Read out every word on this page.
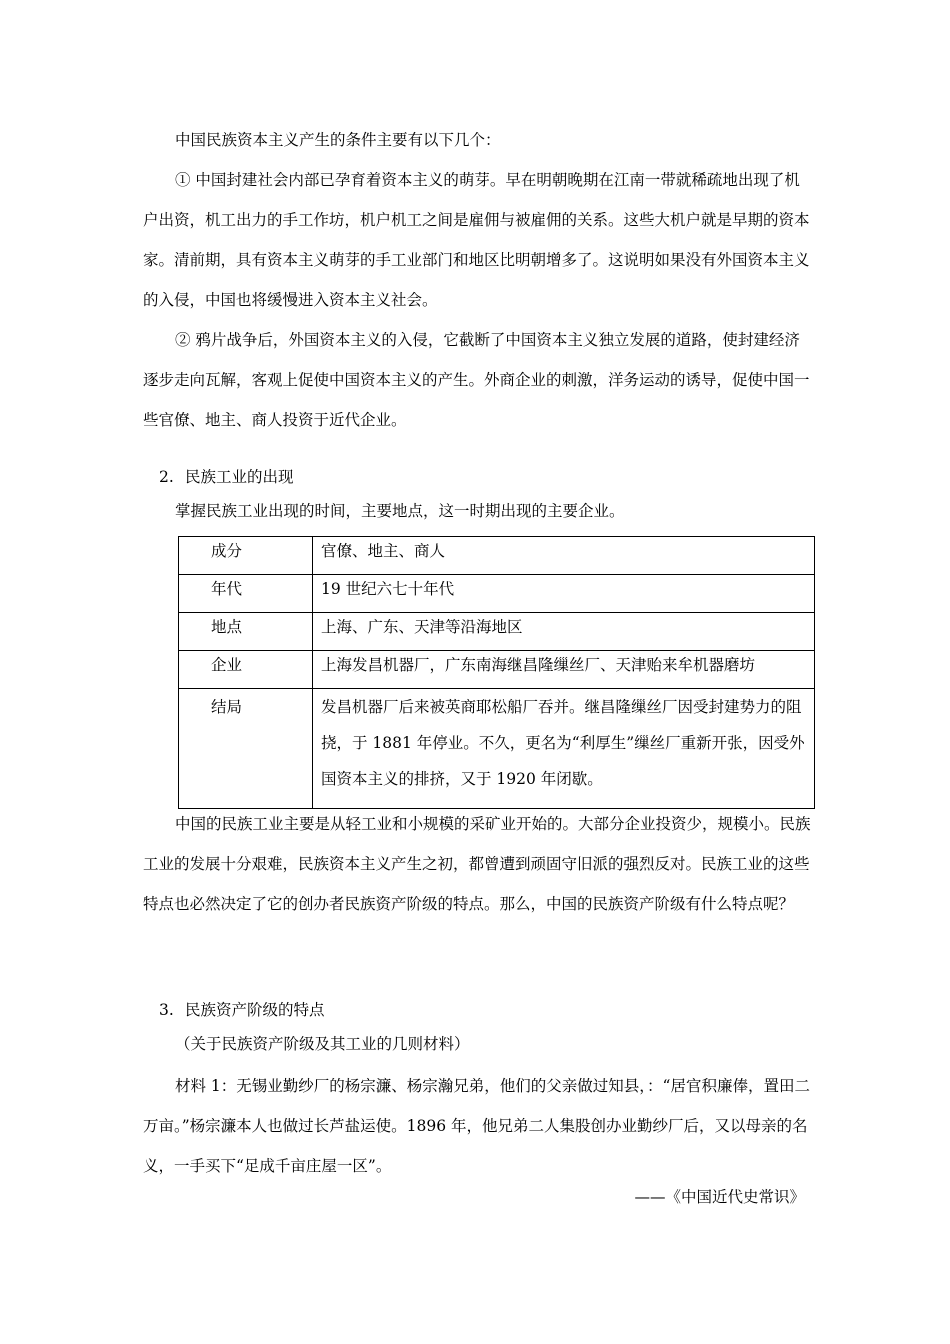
中国民族资本主义产生的条件主要有以下几个：

① 中国封建社会内部已孕育着资本主义的萌芽。早在明朝晚期在江南一带就稀疏地出现了机户出资，机工出力的手工作坊，机户机工之间是雇佣与被雇佣的关系。这些大机户就是早期的资本家。清前期，具有资本主义萌芽的手工业部门和地区比明朝增多了。这说明如果没有外国资本主义的入侵，中国也将缓慢进入资本主义社会。

② 鸦片战争后，外国资本主义的入侵，它截断了中国资本主义独立发展的道路，使封建经济逐步走向瓦解，客观上促使中国资本主义的产生。外商企业的刺激，洋务运动的诱导，促使中国一些官僚、地主、商人投资于近代企业。

2. 民族工业的出现

掌握民族工业出现的时间，主要地点，这一时期出现的主要企业。

成分	官僚、地主、商人
年代	19 世纪六七十年代
地点	上海、广东、天津等沿海地区
企业	上海发昌机器厂，广东南海继昌隆缫丝厂、天津贻来牟机器磨坊
结局	发昌机器厂后来被英商耶松船厂吞并。继昌隆缫丝厂因受封建势力的阻挠，于 1881 年停业。不久，更名为“利厚生”缫丝厂重新开张，因受外国资本主义的排挤，又于 1920 年闭歇。

中国的民族工业主要是从轻工业和小规模的采矿业开始的。大部分企业投资少，规模小。民族工业的发展十分艰难，民族资本主义产生之初，都曾遭到顽固守旧派的强烈反对。民族工业的这些特点也必然决定了它的创办者民族资产阶级的特点。那么，中国的民族资产阶级有什么特点呢？

3. 民族资产阶级的特点

（关于民族资产阶级及其工业的几则材料）

材料 1：无锡业勤纱厂的杨宗濂、杨宗瀚兄弟，他们的父亲做过知县，：“居官积廉俸，置田二万亩。”杨宗濂本人也做过长芦盐运使。1896 年，他兄弟二人集股创办业勤纱厂后，又以母亲的名义，一手买下“足成千亩庄屋一区”。

——《中国近代史常识》
